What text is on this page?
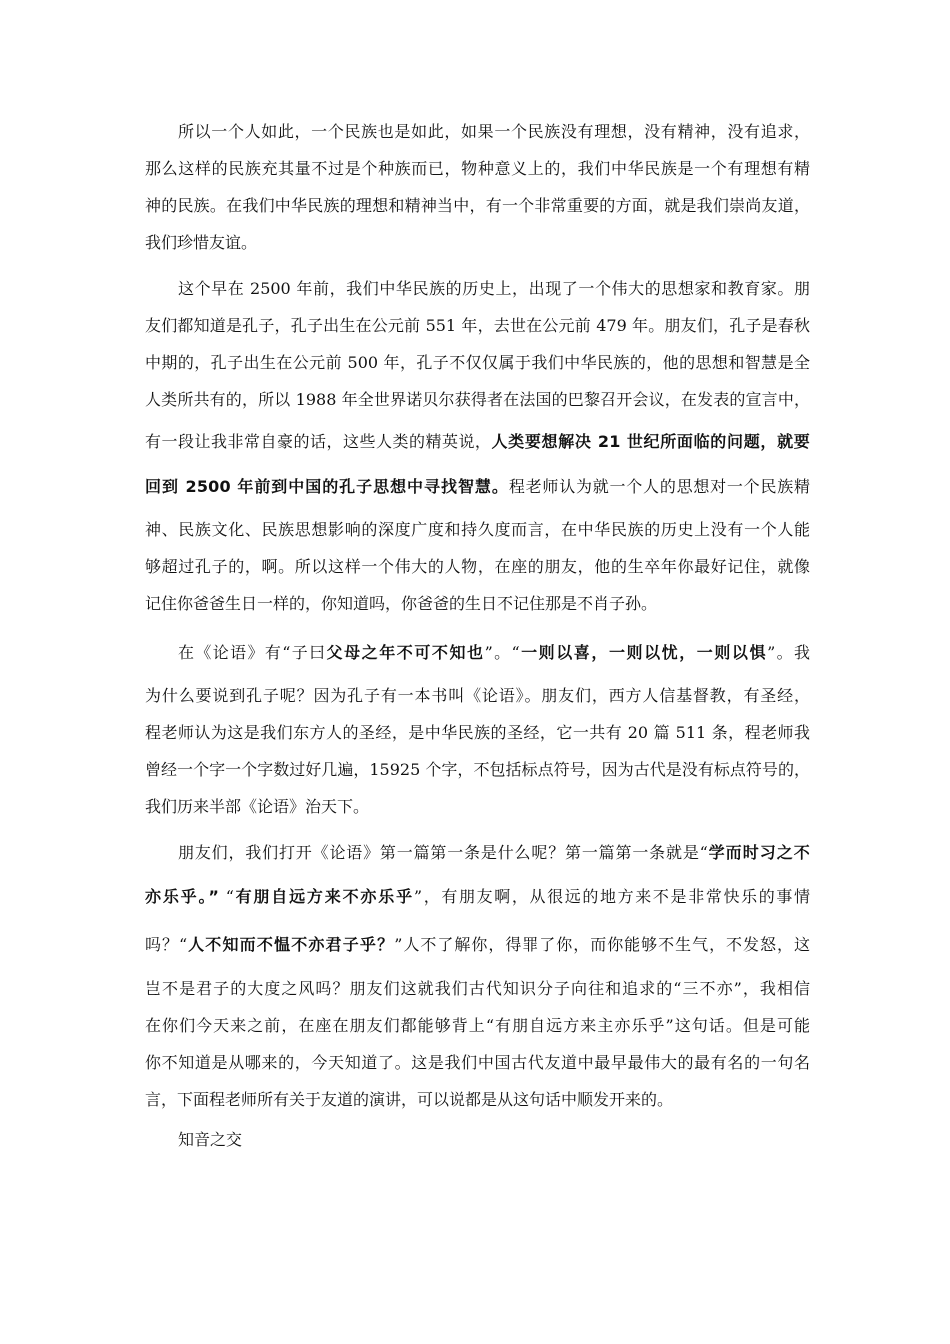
所以一个人如此，一个民族也是如此，如果一个民族没有理想，没有精神，没有追求，
那么这样的民族充其量不过是个种族而已，物种意义上的，我们中华民族是一个有理想有精
神的民族。在我们中华民族的理想和精神当中，有一个非常重要的方面，就是我们崇尚友道，
我们珍惜友谊。
这个早在 2500 年前，我们中华民族的历史上，出现了一个伟大的思想家和教育家。朋
友们都知道是孔子，孔子出生在公元前 551 年，去世在公元前 479 年。朋友们，孔子是春秋
中期的，孔子出生在公元前 500 年，孔子不仅仅属于我们中华民族的，他的思想和智慧是全
人类所共有的，所以 1988 年全世界诺贝尔获得者在法国的巴黎召开会议，在发表的宣言中，
有一段让我非常自豪的话，这些人类的精英说，人类要想解决 21 世纪所面临的问题，就要
回到 2500 年前到中国的孔子思想中寻找智慧。程老师认为就一个人的思想对一个民族精
神、民族文化、民族思想影响的深度广度和持久度而言，在中华民族的历史上没有一个人能
够超过孔子的，啊。所以这样一个伟大的人物，在座的朋友，他的生卒年你最好记住，就像
记住你爸爸生日一样的，你知道吗，你爸爸的生日不记住那是不肖子孙。
在《论语》有“子曰父母之年不可不知也”。“一则以喜，一则以忧，一则以惧”。我
为什么要说到孔子呢？因为孔子有一本书叫《论语》。朋友们，西方人信基督教，有圣经，
程老师认为这是我们东方人的圣经，是中华民族的圣经，它一共有 20 篇 511 条，程老师我
曾经一个字一个字数过好几遍，15925 个字，不包括标点符号，因为古代是没有标点符号的，
我们历来半部《论语》治天下。
朋友们，我们打开《论语》第一篇第一条是什么呢？第一篇第一条就是“学而时习之不
亦乐乎。” “有朋自远方来不亦乐乎”，有朋友啊，从很远的地方来不是非常快乐的事情
吗？“人不知而不愠不亦君子乎？”人不了解你，得罪了你，而你能够不生气，不发怒，这
岂不是君子的大度之风吗？朋友们这就我们古代知识分子向往和追求的“三不亦”，我相信
在你们今天来之前，在座在朋友们都能够背上“有朋自远方来主亦乐乎”这句话。但是可能
你不知道是从哪来的，今天知道了。这是我们中国古代友道中最早最伟大的最有名的一句名
言，下面程老师所有关于友道的演讲，可以说都是从这句话中顺发开来的。
知音之交
